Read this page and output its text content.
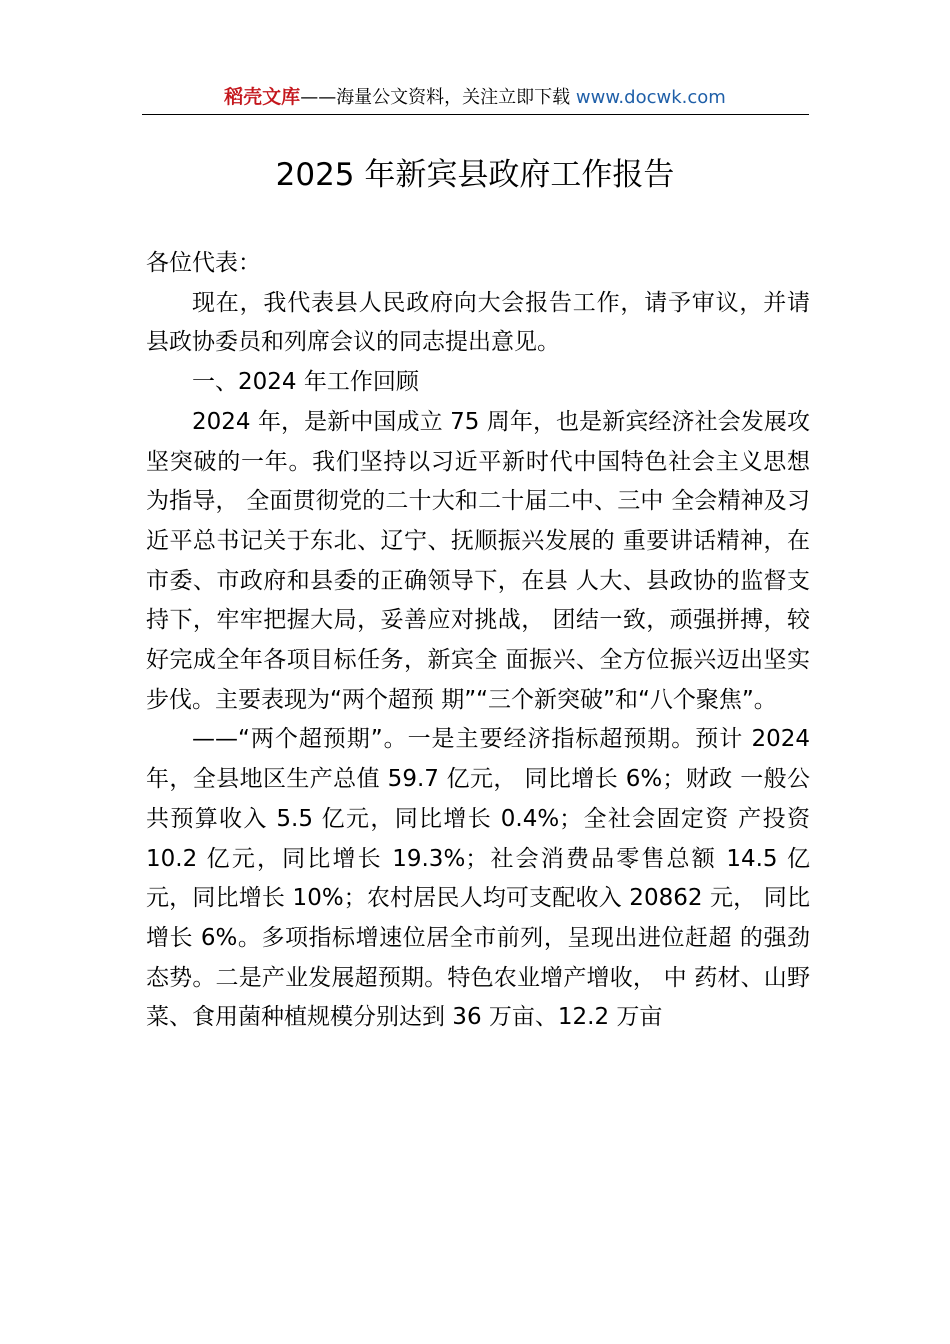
稻壳文库——海量公文资料，关注立即下载 www.docwk.com
2025 年新宾县政府工作报告

各位代表：

现在，我代表县人民政府向大会报告工作，请予审议，并请县政协委员和列席会议的同志提出意见。

一、2024 年工作回顾

2024 年，是新中国成立 75 周年，也是新宾经济社会发展攻坚突破的一年。我们坚持以习近平新时代中国特色社会主义思想为指导， 全面贯彻党的二十大和二十届二中、三中 全会精神及习近平总书记关于东北、辽宁、抚顺振兴发展的 重要讲话精神，在市委、市政府和县委的正确领导下，在县 人大、县政协的监督支持下，牢牢把握大局，妥善应对挑战， 团结一致，顽强拼搏，较好完成全年各项目标任务，新宾全 面振兴、全方位振兴迈出坚实步伐。主要表现为“两个超预 期”“三个新突破”和“八个聚焦”。

——“两个超预期”。一是主要经济指标超预期。预计 2024 年，全县地区生产总值 59.7 亿元， 同比增长 6%；财政 一般公共预算收入 5.5 亿元，同比增长 0.4%；全社会固定资 产投资 10.2 亿元，同比增长 19.3%；社会消费品零售总额 14.5 亿元，同比增长 10%；农村居民人均可支配收入 20862 元， 同比增长 6%。多项指标增速位居全市前列，呈现出进位赶超 的强劲态势。二是产业发展超预期。特色农业增产增收， 中 药材、山野菜、食用菌种植规模分别达到 36 万亩、12.2 万亩
